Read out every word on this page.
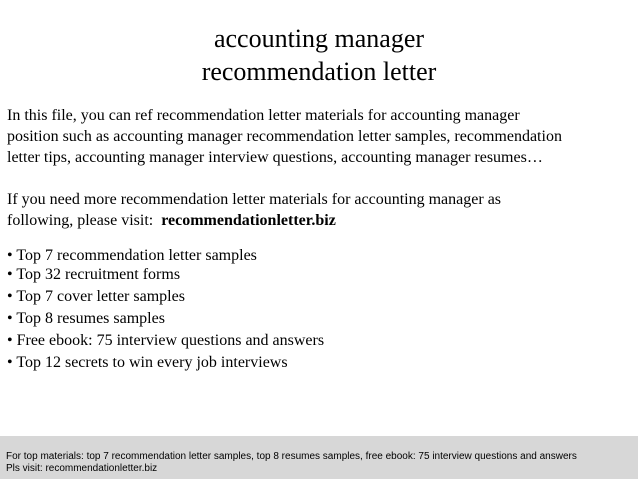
accounting manager
recommendation letter
In this file, you can ref recommendation letter materials for accounting manager
position such as accounting manager recommendation letter samples, recommendation
letter tips, accounting manager interview questions, accounting manager resumes…
If you need more recommendation letter materials for accounting manager as
following, please visit:  recommendationletter.biz
• Top 7 recommendation letter samples
• Top 32 recruitment forms
• Top 7 cover letter samples
• Top 8 resumes samples
• Free ebook: 75 interview questions and answers
• Top 12 secrets to win every job interviews
For top materials: top 7 recommendation letter samples, top 8 resumes samples, free ebook: 75 interview questions and answers
Pls visit: recommendationletter.biz
